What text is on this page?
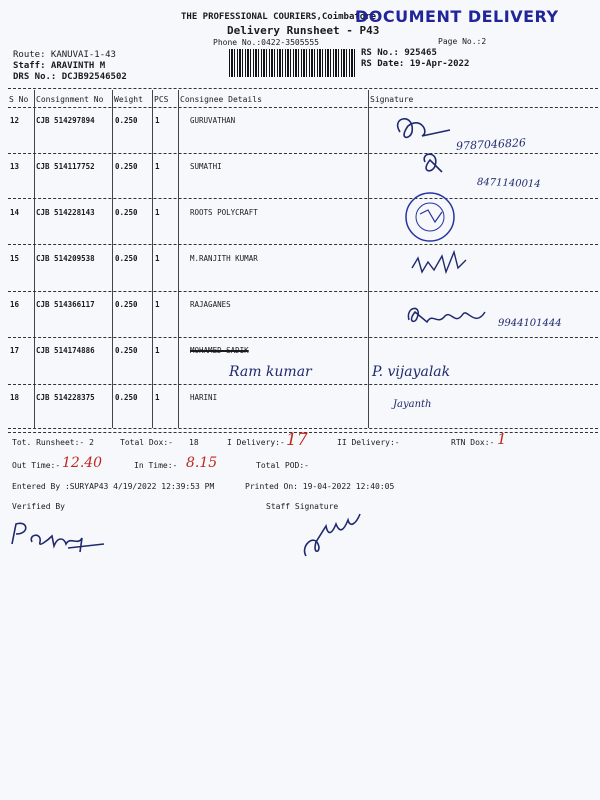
THE PROFESSIONAL COURIERS,Coimbatore
DOCUMENT DELIVERY
Delivery Runsheet - P43
Phone No.:0422-3505555	Page No.:2
Route: KANUVAI-1-43
Staff: ARAVINTH M
DRS No.: DCJB92546502
RS No.: 925465
RS Date: 19-Apr-2022
S No Consignment No Weight PCS Consignee Details	Signature
12 CJB 514297894	0.250 1	GURUVATHAN
13 CJB 514117752	0.250 1	SUMATHI
14 CJB 514228143	0.250 1	ROOTS POLYCRAFT
15 CJB 514209538	0.250 1	M.RANJITH KUMAR
16 CJB 514366117	0.250 1	RAJAGANES
17 CJB 514174886	0.250 1	MOHAMED SADIK
18 CJB 514228375	0.250 1	HARINI
9787046826
8471140014
9944101444
Ram kumar	P. vijayalak
Jayanth
Tot. Runsheet:- 2	Total Dox:- 18	I Delivery:- 17	II Delivery:-	RTN Dox:- 1
Out Time:- 12.40	In Time:- 8.15	Total POD:-
Entered By :SURYAP43 4/19/2022 12:39:53 PM	Printed On: 19-04-2022 12:40:05
Verified By	Staff Signature
